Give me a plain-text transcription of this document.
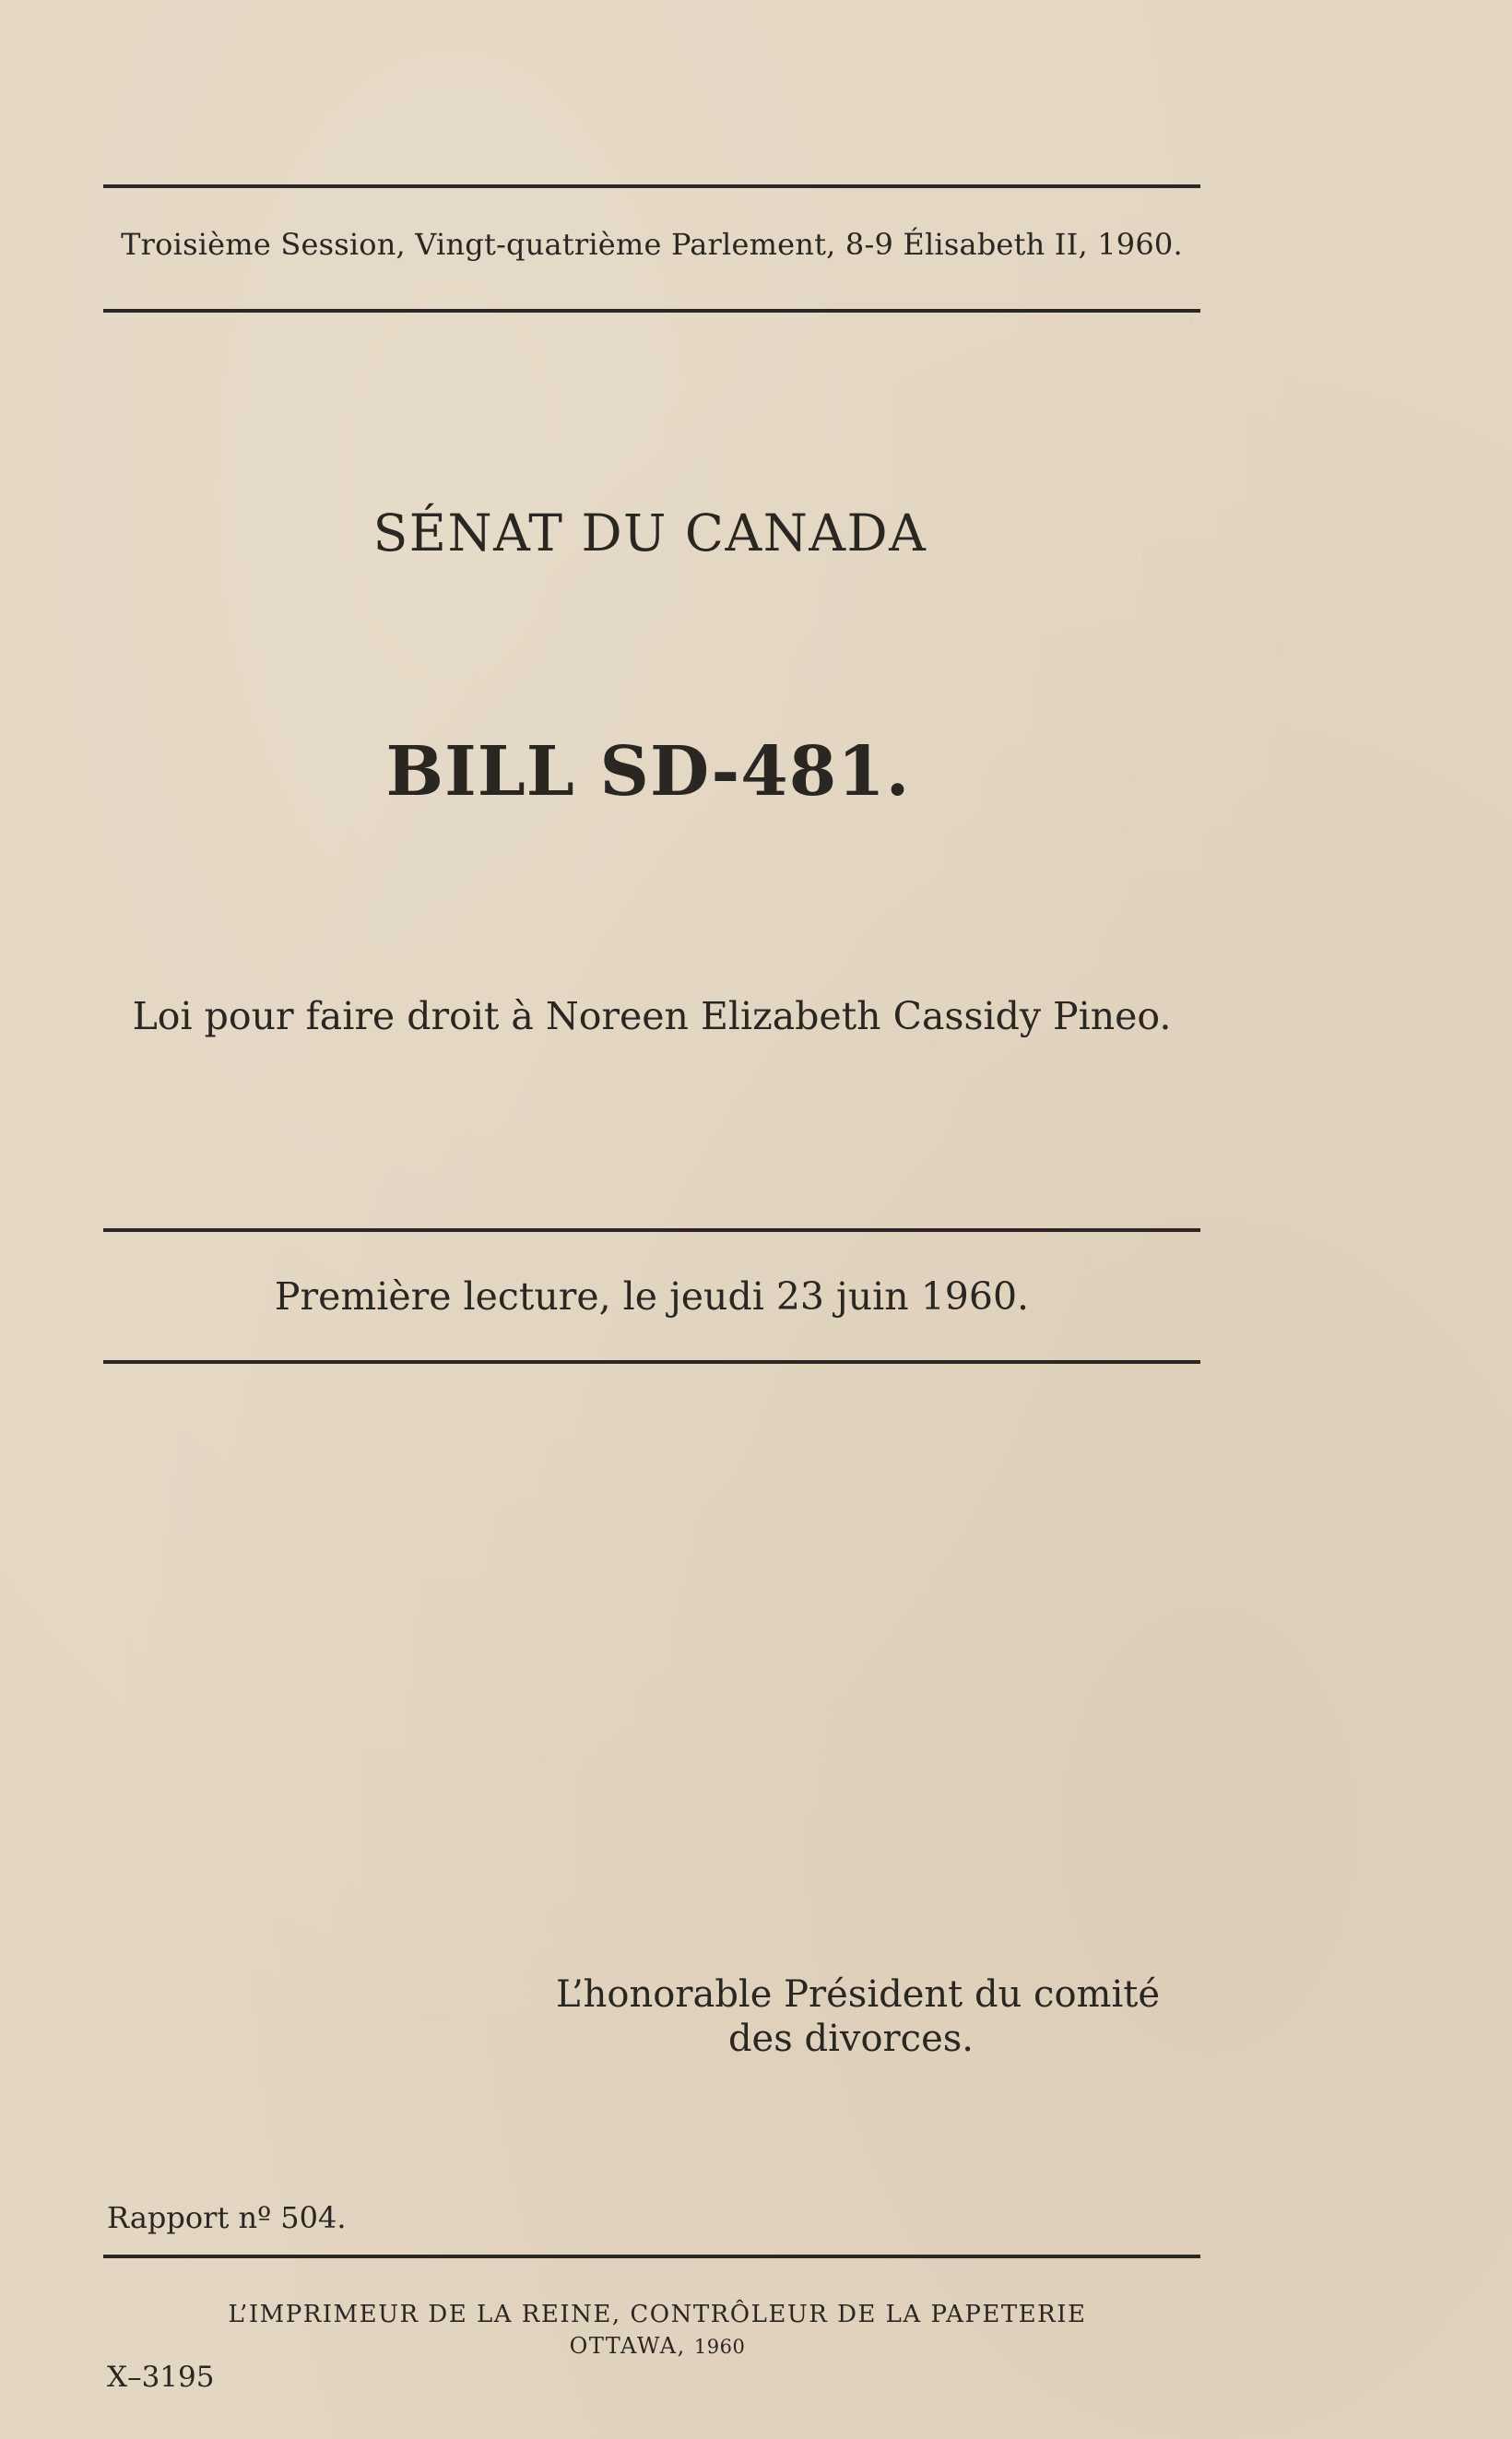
Troisième Session, Vingt-quatrième Parlement, 8-9 Élisabeth II, 1960.

SÉNAT DU CANADA

BILL SD-481.

Loi pour faire droit à Noreen Elizabeth Cassidy Pineo.

Première lecture, le jeudi 23 juin 1960.

L’honorable Président du comité

des divorces.

Rapport nº 504.

L’IMPRIMEUR DE LA REINE, CONTRÔLEUR DE LA PAPETERIE

OTTAWA, 1960

X–3195
